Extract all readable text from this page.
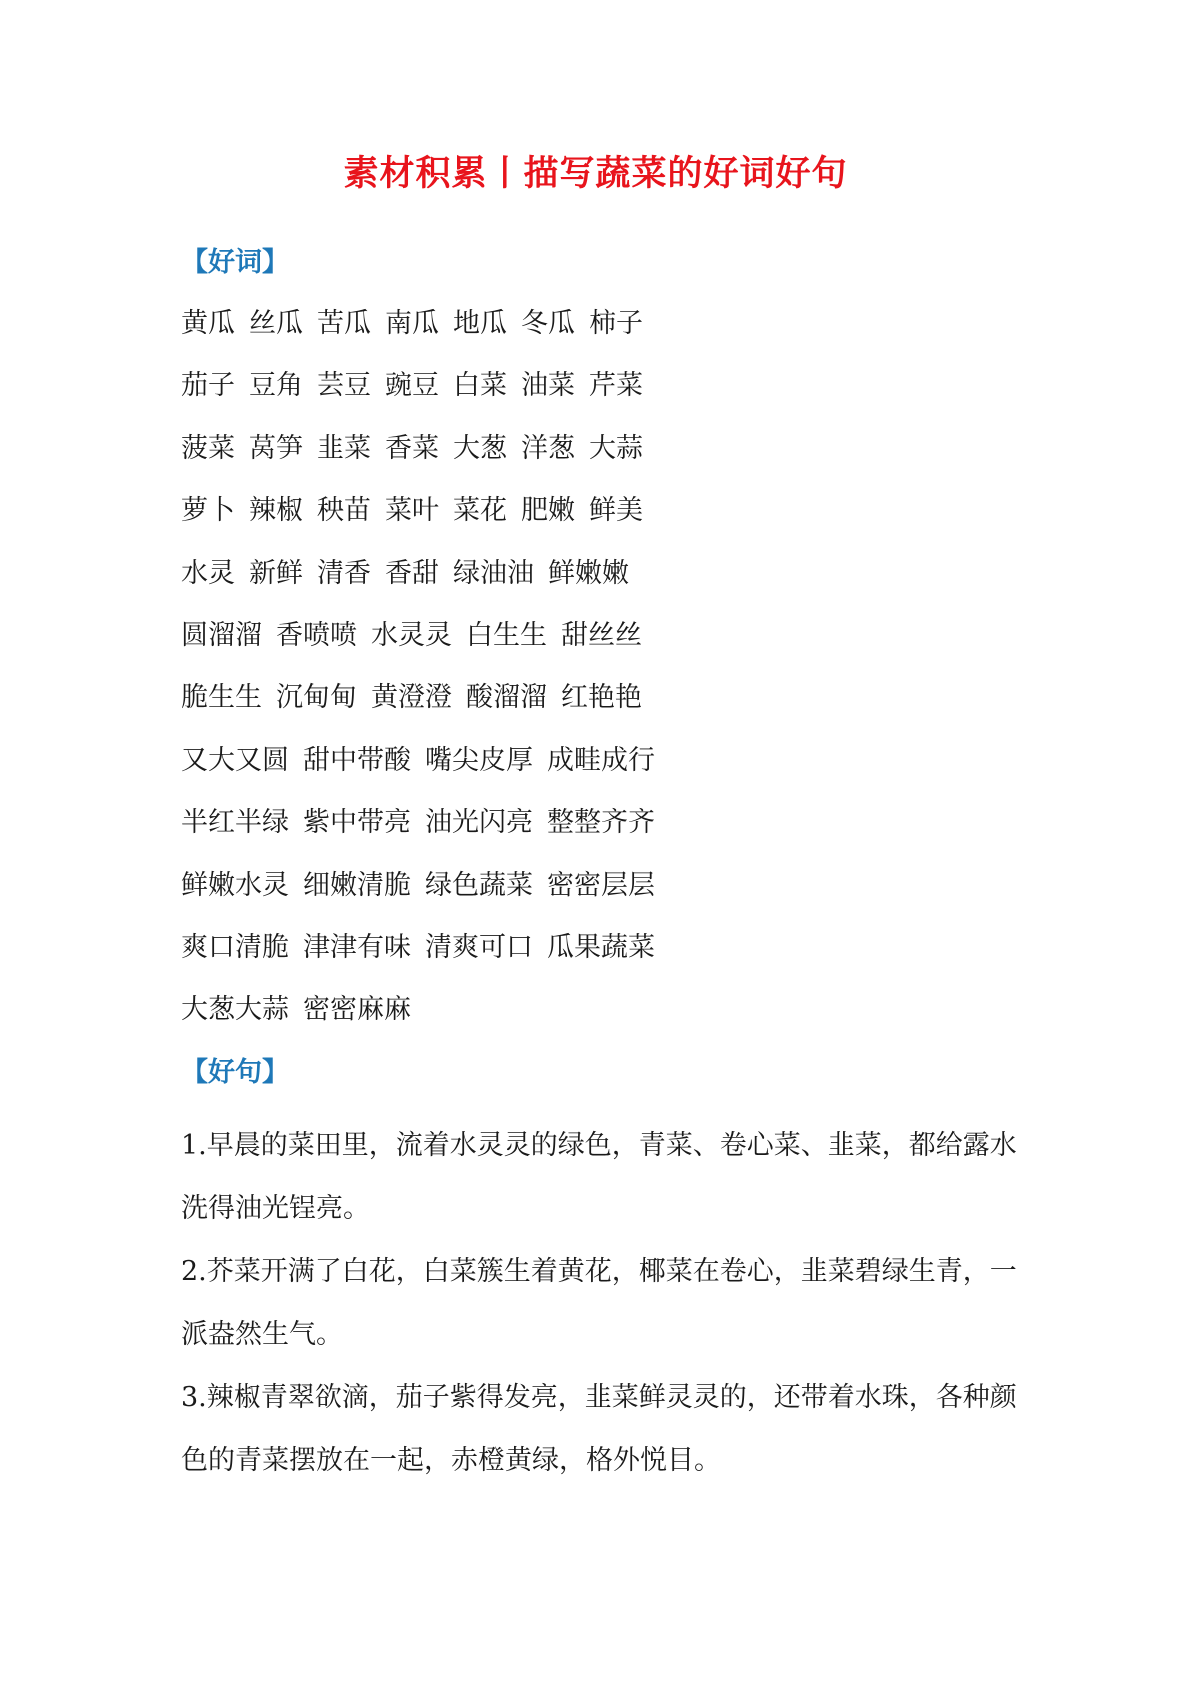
素材积累丨描写蔬菜的好词好句
【好词】
黄瓜 丝瓜 苦瓜 南瓜 地瓜 冬瓜 柿子
茄子 豆角 芸豆 豌豆 白菜 油菜 芹菜
菠菜 莴笋 韭菜 香菜 大葱 洋葱 大蒜
萝卜 辣椒 秧苗 菜叶 菜花 肥嫩 鲜美
水灵 新鲜 清香 香甜 绿油油 鲜嫩嫩
圆溜溜 香喷喷 水灵灵 白生生 甜丝丝
脆生生 沉甸甸 黄澄澄 酸溜溜 红艳艳
又大又圆 甜中带酸 嘴尖皮厚 成畦成行
半红半绿 紫中带亮 油光闪亮 整整齐齐
鲜嫩水灵 细嫩清脆 绿色蔬菜 密密层层
爽口清脆 津津有味 清爽可口 瓜果蔬菜
大葱大蒜 密密麻麻
【好句】

1.早晨的菜田里，流着水灵灵的绿色，青菜、卷心菜、韭菜，都给露水洗得油光锃亮。

2.芥菜开满了白花，白菜簇生着黄花，椰菜在卷心，韭菜碧绿生青，一派盎然生气。

3.辣椒青翠欲滴，茄子紫得发亮，韭菜鲜灵灵的，还带着水珠，各种颜色的青菜摆放在一起，赤橙黄绿，格外悦目。
